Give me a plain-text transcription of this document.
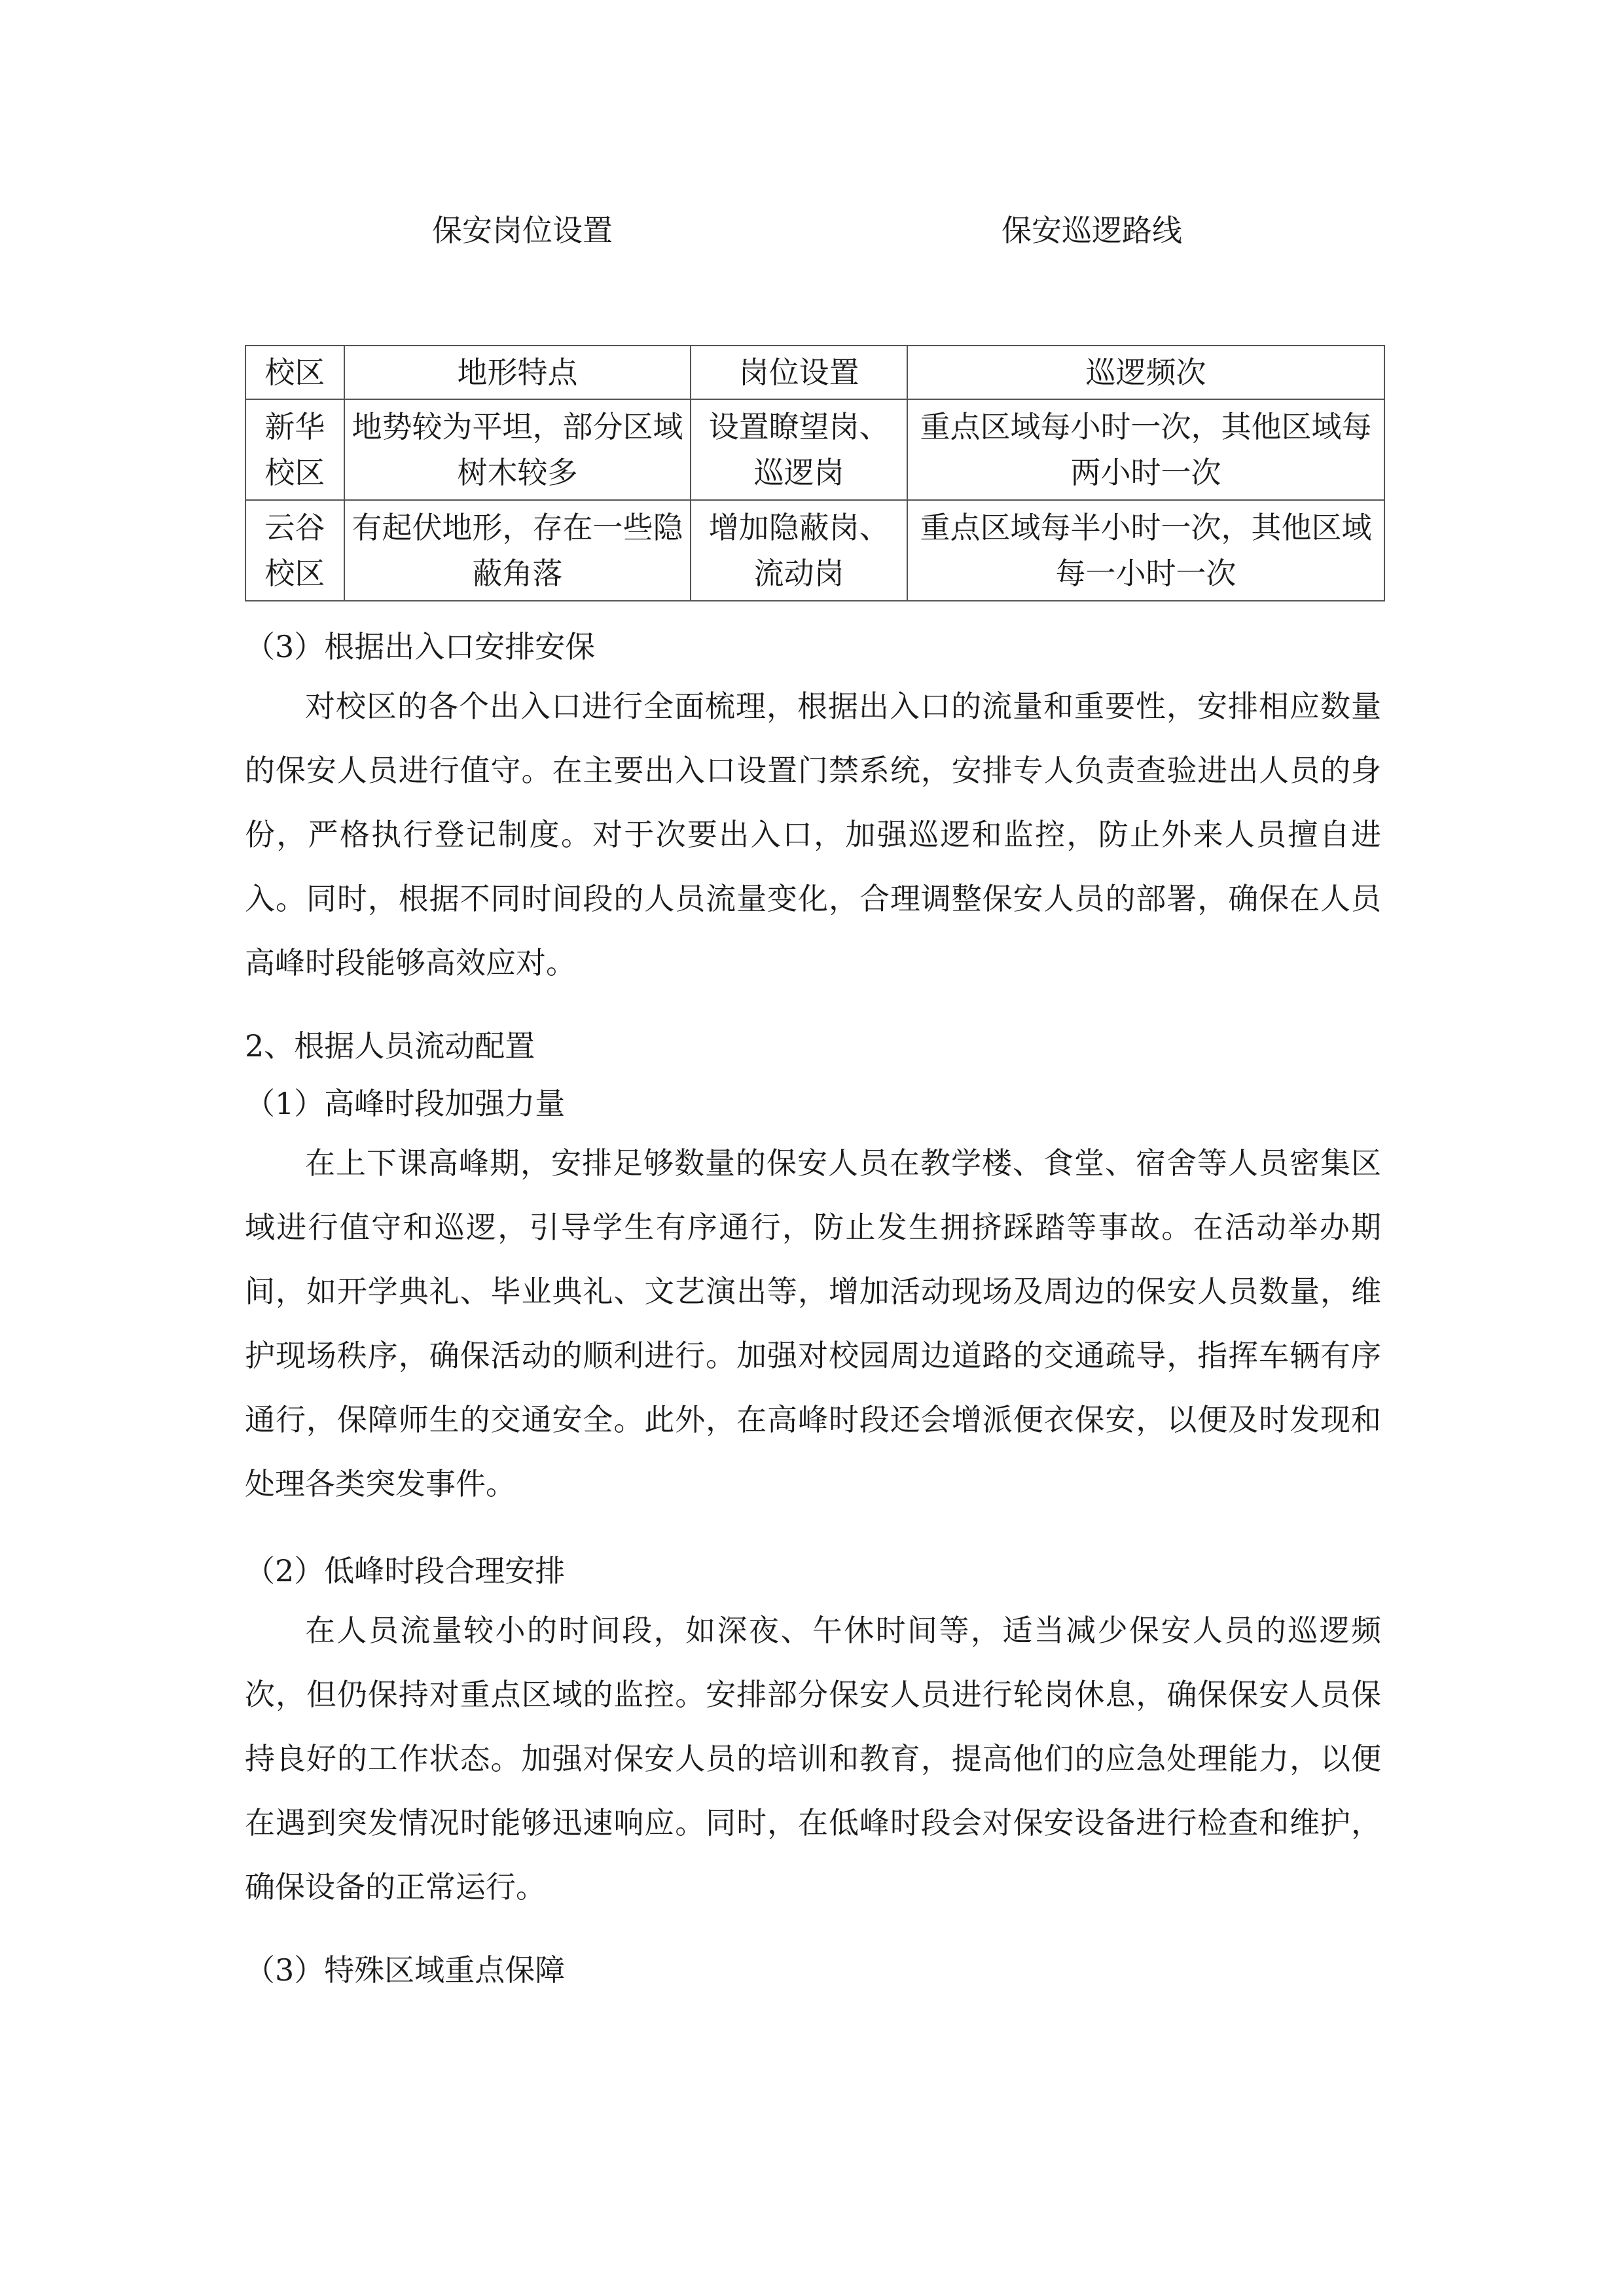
保安岗位设置	保安巡逻路线
校区	地形特点	岗位设置	巡逻频次
新华校区	地势较为平坦，部分区域树木较多	设置瞭望岗、巡逻岗	重点区域每小时一次，其他区域每两小时一次
云谷校区	有起伏地形，存在一些隐蔽角落	增加隐蔽岗、流动岗	重点区域每半小时一次，其他区域每一小时一次

（3）根据出入口安排安保

对校区的各个出入口进行全面梳理，根据出入口的流量和重要性，安排相应数量的保安人员进行值守。在主要出入口设置门禁系统，安排专人负责查验进出人员的身份，严格执行登记制度。对于次要出入口，加强巡逻和监控，防止外来人员擅自进入。同时，根据不同时间段的人员流量变化，合理调整保安人员的部署，确保在人员高峰时段能够高效应对。

2、根据人员流动配置

（1）高峰时段加强力量

在上下课高峰期，安排足够数量的保安人员在教学楼、食堂、宿舍等人员密集区域进行值守和巡逻，引导学生有序通行，防止发生拥挤踩踏等事故。在活动举办期间，如开学典礼、毕业典礼、文艺演出等，增加活动现场及周边的保安人员数量，维护现场秩序，确保活动的顺利进行。加强对校园周边道路的交通疏导，指挥车辆有序通行，保障师生的交通安全。此外，在高峰时段还会增派便衣保安，以便及时发现和处理各类突发事件。

（2）低峰时段合理安排

在人员流量较小的时间段，如深夜、午休时间等，适当减少保安人员的巡逻频次，但仍保持对重点区域的监控。安排部分保安人员进行轮岗休息，确保保安人员保持良好的工作状态。加强对保安人员的培训和教育，提高他们的应急处理能力，以便在遇到突发情况时能够迅速响应。同时，在低峰时段会对保安设备进行检查和维护，确保设备的正常运行。

（3）特殊区域重点保障
